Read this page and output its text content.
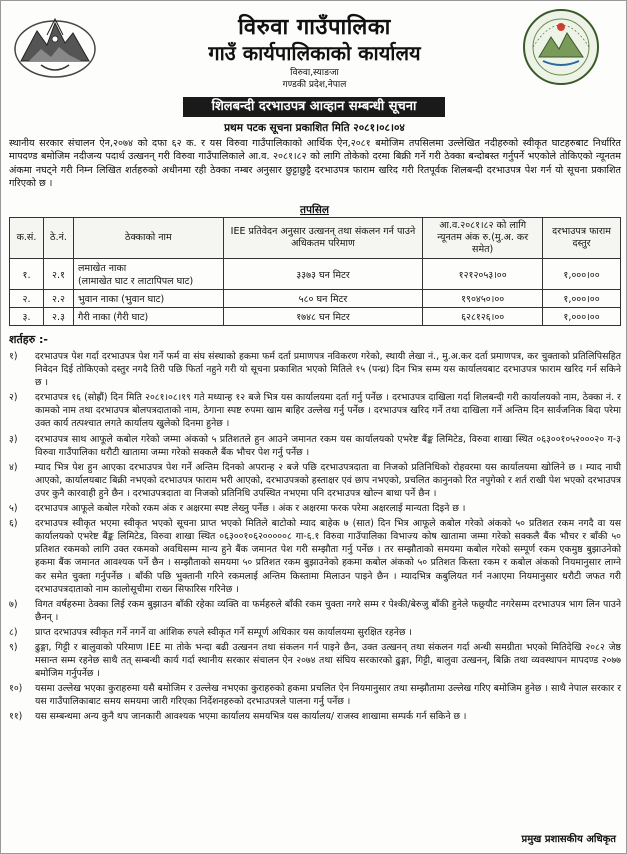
विरुवा गाउँपालिका
गाउँ कार्यपालिकाको कार्यालय
विरुवा,स्याङजा
गण्डकी प्रदेश,नेपाल
शिलबन्दी दरभाउपत्र आव्हान सम्बन्धी सूचना
प्रथम पटक सूचना प्रकाशित मिति २०८१।०८।०४

स्थानीय सरकार संचालन ऐन,२०७४ को दफा ६२ क. र यस विरुवा गाउँपालिकाको आर्थिक ऐन,२०८१ बमोजिम तपसिलमा उल्लेखित नदीहरुको स्वीकृत घाटहरुबाट निर्धारित मापदण्ड बमोजिम नदीजन्य पदार्थ उत्खनन् गरी विरुवा गाउँपालिकाले आ.व. २०८१।८२ को लागि तोकेको दरमा बिक्री गर्ने गरी ठेक्का बन्दोबस्त गर्नुपर्ने भएकोले तोकिएको न्यूनतम अंकमा नघट्ने गरी निम्न लिखित शर्तहरुको अधीनमा रही ठेक्का नम्बर अनुसार छुट्टाछुट्टै दरभाउपत्र फाराम खरिद गरी रितपूर्वक शिलबन्दी दरभाउपत्र पेश गर्न यो सूचना प्रकाशित गरिएको छ ।

तपसिल
क.सं.	ठे.नं.	ठेक्काको नाम	IEE प्रतिवेदन अनुसार उत्खनन् तथा संकलन गर्न पाउने अधिकतम परिमाण	आ.व.२०८१।८२ को लागि न्यूनतम अंक रु.(मु.अ. कर समेत)	दरभाउपत्र फाराम दस्तुर
१.	२.१	लमाखेत नाका
(लामाखेत घाट र लाटापिपल घाट)	३३७३ घन मिटर	१२१२०५३।००	१,०००।००
२.	२.२	भुवान नाका (भुवान घाट)	५८० घन मिटर	१९०४५०।००	१,०००।००
३.	२.३	गैरी नाका (गैरी घाट)	१७४८ घन मिटर	६२८१२६।००	१,०००।००
शर्तहरु :-
१)	दरभाउपत्र पेश गर्दा दरभाउपत्र पेश गर्ने फर्म वा संघ संस्थाको हकमा फर्म दर्ता प्रमाणपत्र नविकरण गरेको, स्थायी लेखा नं., मु.अ.कर दर्ता प्रमाणपत्र, कर चुक्ताको प्रतिलिपिसहित निवेदन दिई तोकिएको दस्तुर नगदै तिरी पछि फिर्ता नहुने गरी यो सूचना प्रकाशित भएको मितिले १५ (पन्ध्र) दिन भित्र सम्म यस कार्यालयबाट दरभाउपत्र फाराम खरिद गर्न सकिने छ ।
२)	दरभाउपत्र १६ (सोह्रौं) दिन मिति २०८१।०८।१९ गते मध्यान्ह १२ बजे भित्र यस कार्यालयमा दर्ता गर्नु पर्नेछ । दरभाउपत्र दाखिला गर्दा शिलबन्दी गरी कार्यालयको नाम, ठेक्का नं. र कामको नाम तथा दरभाउपत्र बोलपत्रदाताको नाम, ठेगाना स्पष्ट रुपमा खाम बाहिर उल्लेख गर्नु पर्नेछ । दरभाउपत्र खरिद गर्ने तथा दाखिला गर्ने अन्तिम दिन सार्वजनिक बिदा परेमा उक्त कार्य तत्पश्चात लगते कार्यालय खुलेको दिनमा हुनेछ ।
३)	दरभाउपत्र साथ आफूले कबोल गरेको जम्मा अंकको ५ प्रतिशतले हुन आउने जमानत रकम यस कार्यालयको एभरेष्ट बैंङ्क लिमिटेड, विरुवा शाखा स्थित ०६३००१०५२०००२० ग-३ विरुवा गाउँपालिका धरौटी खातामा जम्मा गरेको सक्कलै बैंक भौचर पेश गर्नु पर्नेछ ।
४)	म्याद भित्र पेश हुन आएका दरभाउपत्र पेश गर्ने अन्तिम दिनको अपरान्ह २ बजे पछि दरभाउपत्रदाता वा निजको प्रतिनिधिको रोहवरमा यस कार्यालयमा खोलिने छ । म्याद नाघी आएको, कार्यालयबाट बिक्री नभएको दरभाउपत्र फाराम भरी आएको, दरभाउपत्रको हस्ताक्षर एवं छाप नभएको, प्रचलित कानुनको रित नपुगेको र शर्त राखी पेश भएको दरभाउपत्र उपर कुनै कारवाही हुने छैन । दरभाउपत्रदाता वा निजको प्रतिनिधि उपस्थित नभएमा पनि दरभाउपत्र खोल्न बाधा पर्ने छैन ।
५)	दरभाउपत्र आफूले कबोल गरेको रकम अंक र अक्षरमा स्पष्ट लेख्नु पर्नेछ । अंक र अक्षरमा फरक परेमा अक्षरलाई मान्यता दिइने छ ।
६)	दरभाउपत्र स्वीकृत भएमा स्वीकृत भएको सूचना प्राप्त भएको मितिले बाटोको म्याद बाहेक ७ (सात) दिन भित्र आफूले कबोल गरेको अंकको ५० प्रतिशत रकम नगदै वा यस कार्यालयको एभरेष्ट बैंङ्क लिमिटेड, विरुवा शाखा स्थित ०६३००१०६२०००००८ गा-६.१ विरुवा गाउँपालिका विभाज्य कोष खातामा जम्मा गरेको सक्कलै बैंक भौचर र बाँकी ५० प्रतिशत रकमको लागि उक्त रकमको अवधिसम्म मान्य हुने बैंक जमानत पेश गरी सम्झौता गर्नु पर्नेछ । तर सम्झौताको समयमा कबोल गरेको सम्पूर्ण रकम एकमुष्ठ बुझाउनेको हकमा बैंक जमानत आवश्यक पर्ने छैन । सम्झौताको समयमा ५० प्रतिशत रकम बुझाउनेको हकमा कबोल अंकको ५० प्रतिशत किस्ता रकम र कबोल अंकको नियमानुसार लाग्ने कर समेत चुक्ता गर्नुपर्नेछ । बाँकी पछि भुक्तानी गरिने रकमलाई अन्तिम किस्तामा मिलाउन पाइने छैन । म्यादभित्र कबुलियत गर्न नआएमा नियमानुसार धरौटी जफत गरी दरभाउपत्रदाताको नाम कालोसूचीमा राख्न सिफारिस गरिनेछ ।
७)	विगत वर्षहरुमा ठेक्का लिई रकम बुझाउन बाँकी रहेका व्यक्ति वा फर्महरुले बाँकी रकम चुक्ता नगरे सम्म र पेश्की/बेरुजु बाँकी हुनेले फछ्र्यौट नगरेसम्म दरभाउपत्र भाग लिन पाउने छैनन् ।
८)	प्राप्त दरभाउपत्र स्वीकृत गर्ने नगर्ने वा आंशिक रुपले स्वीकृत गर्ने सम्पूर्ण अधिकार यस कार्यालयमा सुरक्षित रहनेछ ।
९)	ढुङ्गा, गिट्टी र बालुवाको परिमाण IEE मा तोके भन्दा बढी उत्खनन तथा संकलन गर्न पाइने छैन, उक्त उत्खनन् तथा संकलन गर्दा अन्धी समग्रीता भएको मितिदेखि २०८२ जेष्ठ मसान्त सम्म रहनेछ साथै तत् सम्बन्धी कार्य गर्दा स्थानीय सरकार संचालन ऐन २०७४ तथा संघिय सरकारको ढुङ्गा, गिट्टी, बालुवा उत्खनन्, बिक्रि तथा व्यवस्थापन मापदण्ड २०७७ बमोजिम गर्नुपर्नेछ ।
१०)	यसमा उल्लेख भएका कुराहरुमा यसै बमोजिम र उल्लेख नभएका कुराहरुको हकमा प्रचलित ऐन नियमानुसार तथा सम्झौतामा उल्लेख गरिए बमोजिम हुनेछ । साथै नेपाल सरकार र यस गाउँपालिकाबाट समय समयमा जारी गरिएका निर्देशनहरुको दरभाउपत्रले पालना गर्नु पर्नेछ ।
११)	यस सम्बन्धमा अन्य कुनै थप जानकारी आवश्यक भएमा कार्यालय समयभित्र यस कार्यालय/ राजस्व शाखामा सम्पर्क गर्न सकिने छ ।
प्रमुख प्रशासकीय अधिकृत
